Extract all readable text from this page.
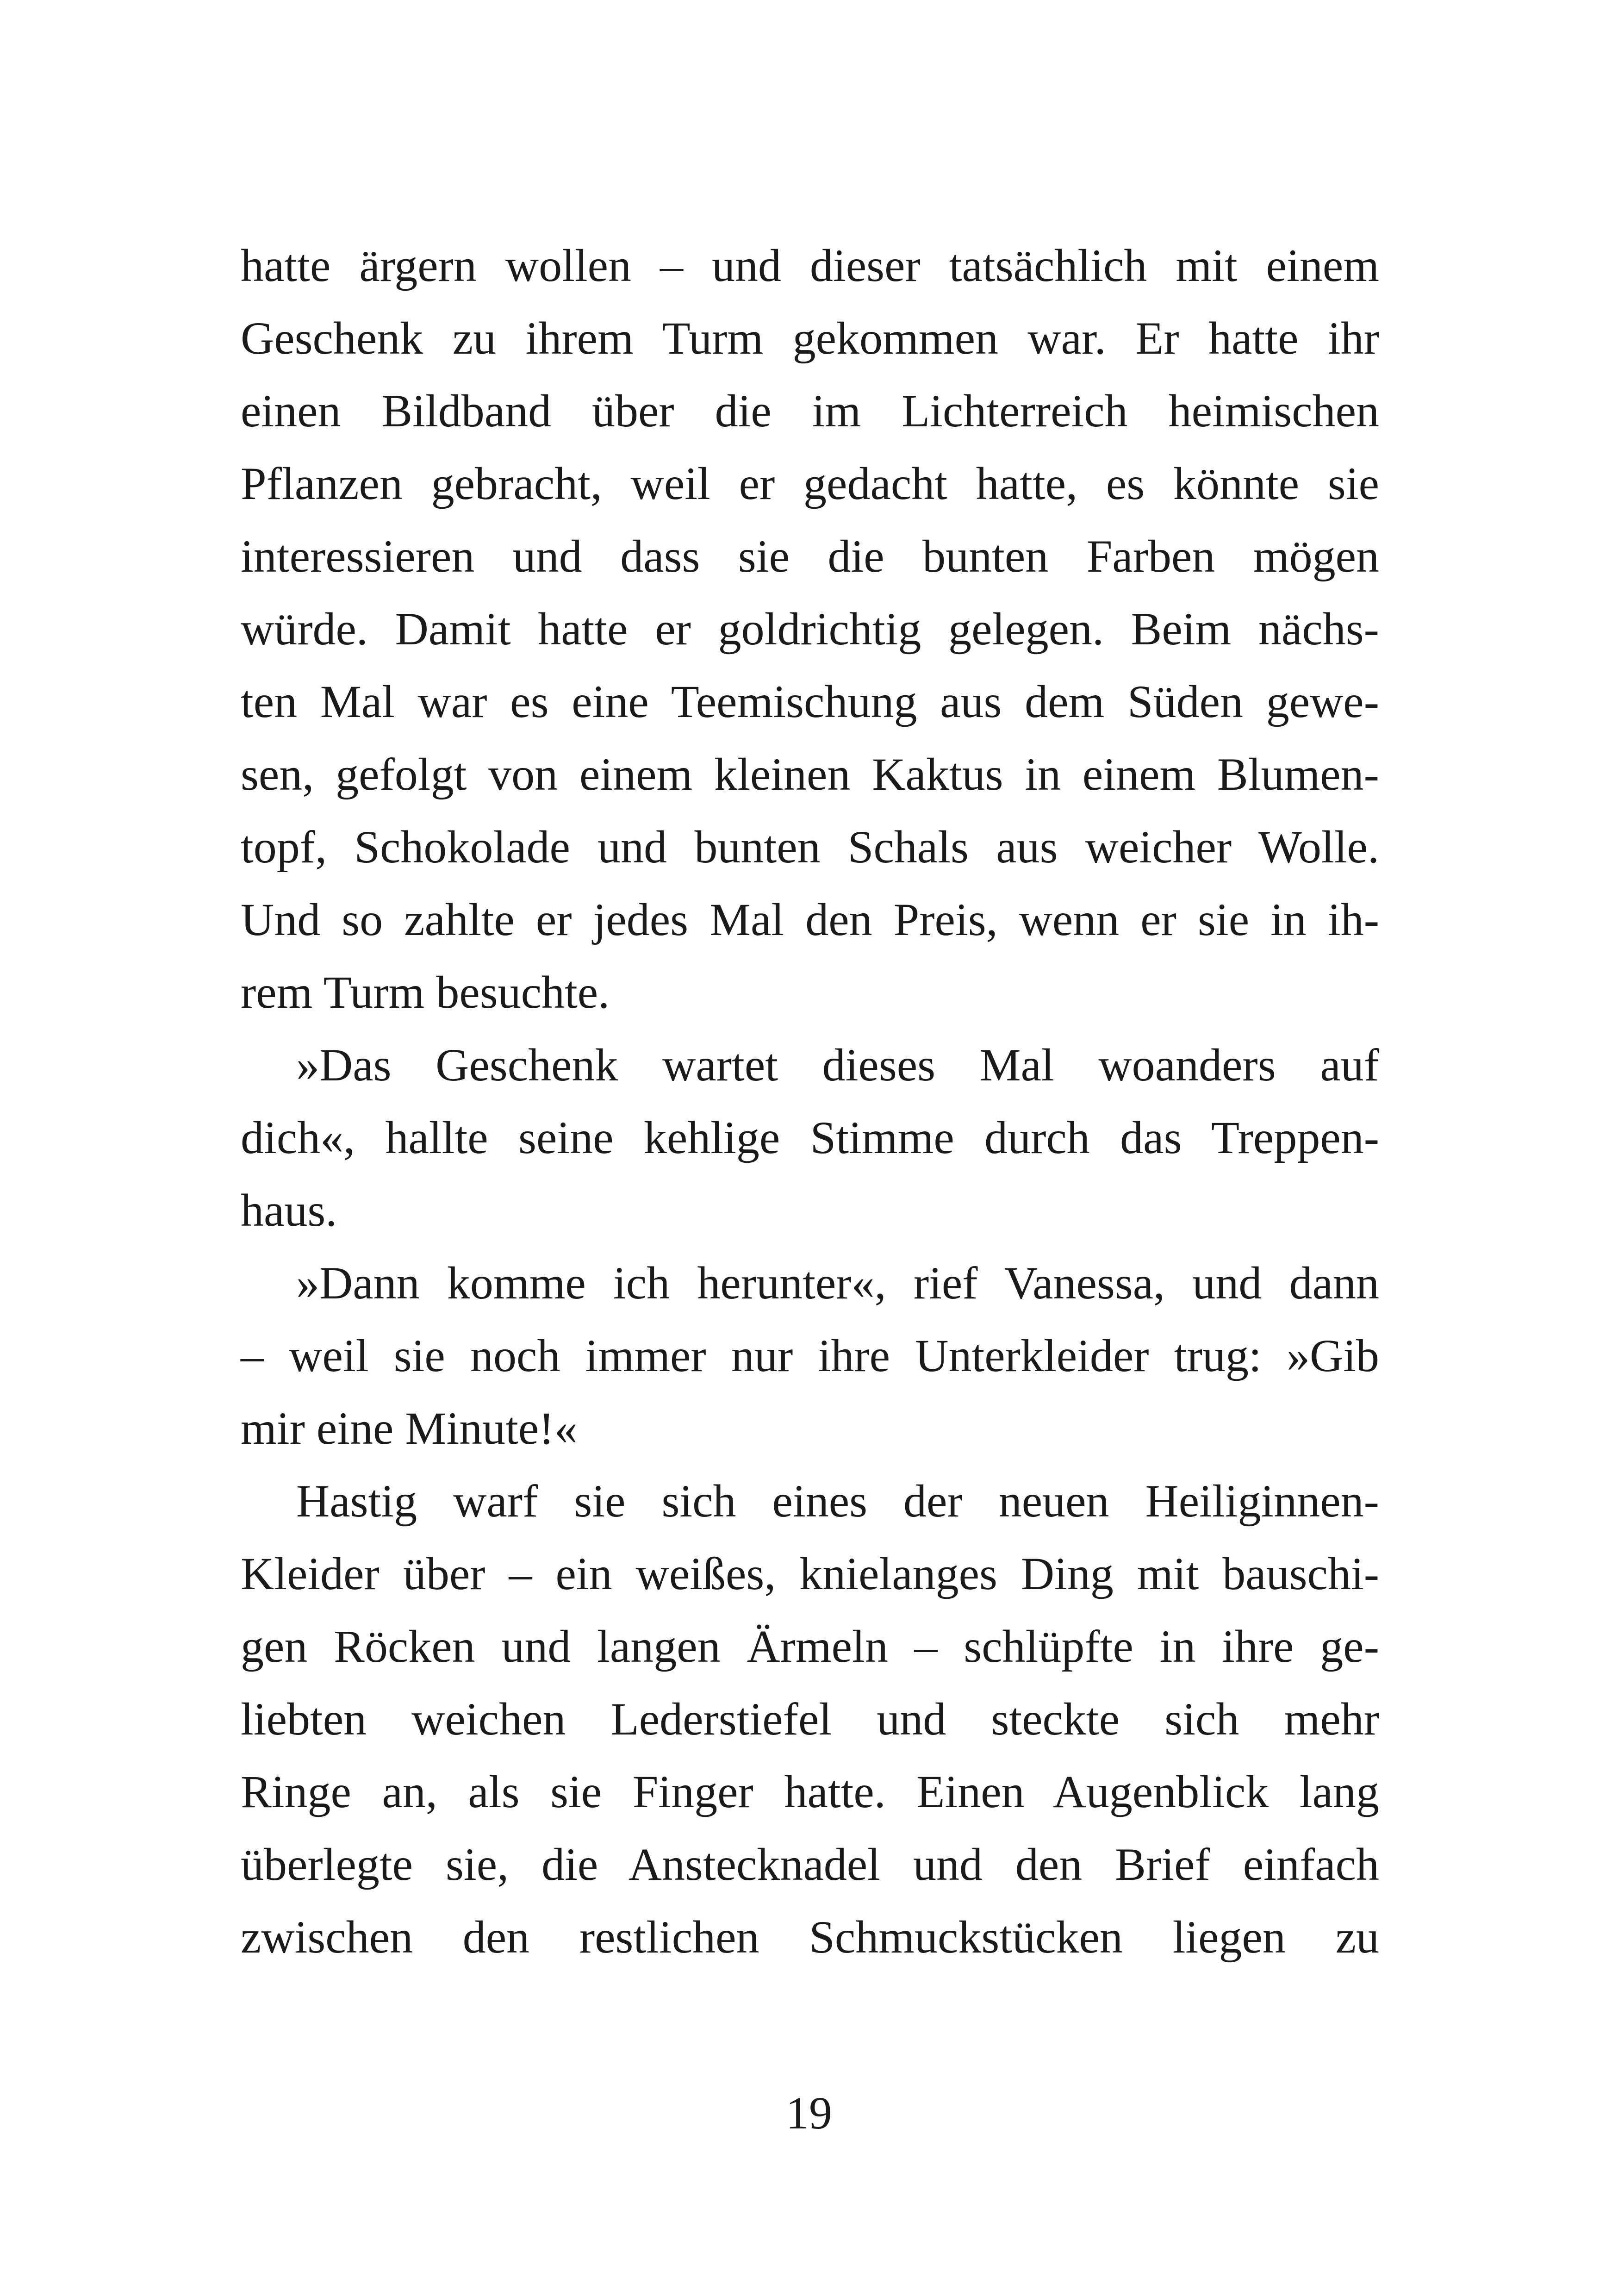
hatte ärgern wollen – und dieser tatsächlich mit einem
Geschenk zu ihrem Turm gekommen war. Er hatte ihr
einen Bildband über die im Lichterreich heimischen
Pflanzen gebracht, weil er gedacht hatte, es könnte sie
interessieren und dass sie die bunten Farben mögen
würde. Damit hatte er goldrichtig gelegen. Beim nächs-
ten Mal war es eine Teemischung aus dem Süden gewe-
sen, gefolgt von einem kleinen Kaktus in einem Blumen-
topf, Schokolade und bunten Schals aus weicher Wolle.
Und so zahlte er jedes Mal den Preis, wenn er sie in ih-
rem Turm besuchte.
»Das Geschenk wartet dieses Mal woanders auf
dich«, hallte seine kehlige Stimme durch das Treppen-
haus.
»Dann komme ich herunter«, rief Vanessa, und dann
– weil sie noch immer nur ihre Unterkleider trug: »Gib
mir eine Minute!«
Hastig warf sie sich eines der neuen Heiliginnen-
Kleider über – ein weißes, knielanges Ding mit bauschi-
gen Röcken und langen Ärmeln – schlüpfte in ihre ge-
liebten weichen Lederstiefel und steckte sich mehr
Ringe an, als sie Finger hatte. Einen Augenblick lang
überlegte sie, die Anstecknadel und den Brief einfach
zwischen den restlichen Schmuckstücken liegen zu
19
